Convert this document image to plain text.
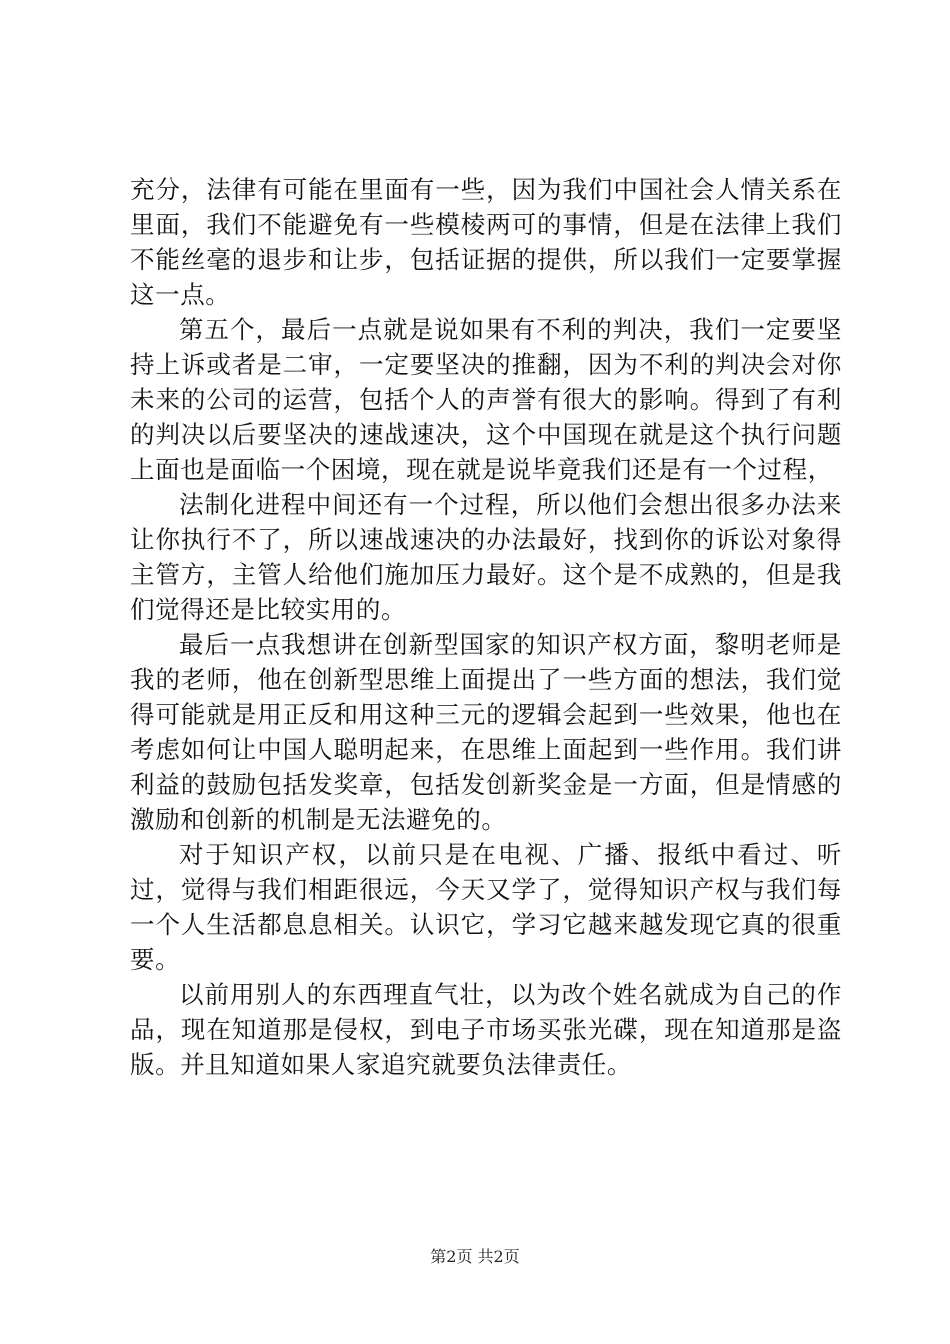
充分，法律有可能在里面有一些，因为我们中国社会人情关系在里面，我们不能避免有一些模棱两可的事情，但是在法律上我们不能丝毫的退步和让步，包括证据的提供，所以我们一定要掌握这一点。

第五个，最后一点就是说如果有不利的判决，我们一定要坚持上诉或者是二审，一定要坚决的推翻，因为不利的判决会对你未来的公司的运营，包括个人的声誉有很大的影响。得到了有利的判决以后要坚决的速战速决，这个中国现在就是这个执行问题上面也是面临一个困境，现在就是说毕竟我们还是有一个过程，

法制化进程中间还有一个过程，所以他们会想出很多办法来让你执行不了，所以速战速决的办法最好，找到你的诉讼对象得主管方，主管人给他们施加压力最好。这个是不成熟的，但是我们觉得还是比较实用的。

最后一点我想讲在创新型国家的知识产权方面，黎明老师是我的老师，他在创新型思维上面提出了一些方面的想法，我们觉得可能就是用正反和用这种三元的逻辑会起到一些效果，他也在考虑如何让中国人聪明起来，在思维上面起到一些作用。我们讲利益的鼓励包括发奖章，包括发创新奖金是一方面，但是情感的激励和创新的机制是无法避免的。

对于知识产权，以前只是在电视、广播、报纸中看过、听过，觉得与我们相距很远，今天又学了，觉得知识产权与我们每一个人生活都息息相关。认识它，学习它越来越发现它真的很重要。

以前用别人的东西理直气壮，以为改个姓名就成为自己的作品，现在知道那是侵权，到电子市场买张光碟，现在知道那是盗版。并且知道如果人家追究就要负法律责任。

第2页 共2页
